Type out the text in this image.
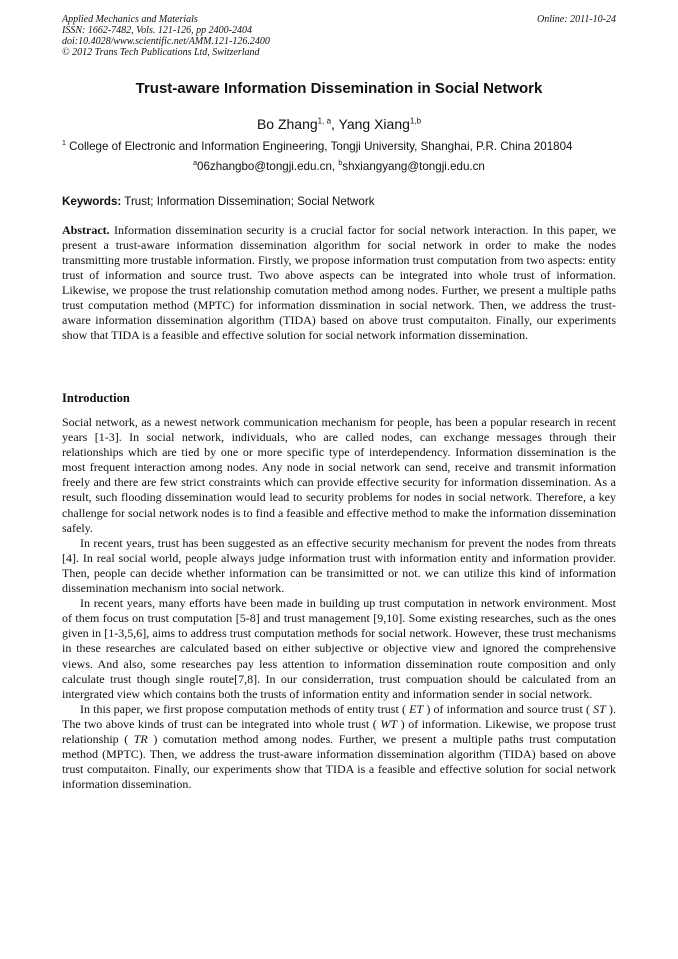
Applied Mechanics and Materials
ISSN: 1662-7482, Vols. 121-126, pp 2400-2404
doi:10.4028/www.scientific.net/AMM.121-126.2400
© 2012 Trans Tech Publications Ltd, Switzerland
Online: 2011-10-24
Trust-aware Information Dissemination in Social Network
Bo Zhang$^{1, a}$, Yang Xiang$^{1,b}$
$^1$ College of Electronic and Information Engineering, Tongji University, Shanghai, P.R. China 201804
$^a$06zhangbo@tongji.edu.cn, $^b$shxiangyang@tongji.edu.cn
Keywords: Trust; Information Dissemination; Social Network
Abstract. Information dissemination security is a crucial factor for social network interaction. In this paper, we present a trust-aware information dissemination algorithm for social network in order to make the nodes transmitting more trustable information. Firstly, we propose information trust computation from two aspects: entity trust of information and source trust. Two above aspects can be integrated into whole trust of information. Likewise, we propose the trust relationship comutation method among nodes. Further, we present a multiple paths trust computation method (MPTC) for information dissmination in social network. Then, we address the trust-aware information dissemination algorithm (TIDA) based on above trust computaiton. Finally, our experiments show that TIDA is a feasible and effective solution for social network information dissemination.
Introduction

Social network, as a newest network communication mechanism for people, has been a popular research in recent years [1-3]. In social network, individuals, who are called nodes, can exchange messages through their relationships which are tied by one or more specific type of interdependency. Information dissemination is the most frequent interaction among nodes. Any node in social network can send, receive and transmit information freely and there are few strict constraints which can provide effective security for information dissemination. As a result, such flooding dissemination would lead to security problems for nodes in social network. Therefore, a key challenge for social network nodes is to find a feasible and effective method to make the information dissemination safely.

In recent years, trust has been suggested as an effective security mechanism for prevent the nodes from threats [4]. In real social world, people always judge information trust with information entity and information provider. Then, people can decide whether information can be transimitted or not. we can utilize this kind of information dissemination mechanism into social network.

In recent years, many efforts have been made in building up trust computation in network environment. Most of them focus on trust computation [5-8] and trust management [9,10]. Some existing researches, such as the ones given in [1-3,5,6], aims to address trust computation methods for social network. However, these trust mechanisms in these researches are calculated based on either subjective or objective view and ignored the comprehensive views. And also, some researches pay less attention to information dissemination route composition and only calculate trust though single route[7,8]. In our considerration, trust compuation should be calculated from an intergrated view which contains both the trusts of information entity and information sender in social network.

In this paper, we first propose computation methods of entity trust ( ET ) of information and source trust ( ST ). The two above kinds of trust can be integrated into whole trust ( WT ) of information. Likewise, we propose trust relationship ( TR ) comutation method among nodes. Further, we present a multiple paths trust computation method (MPTC). Then, we address the trust-aware information dissemination algorithm (TIDA) based on above trust computaiton. Finally, our experiments show that TIDA is a feasible and effective solution for social network information dissemination.
